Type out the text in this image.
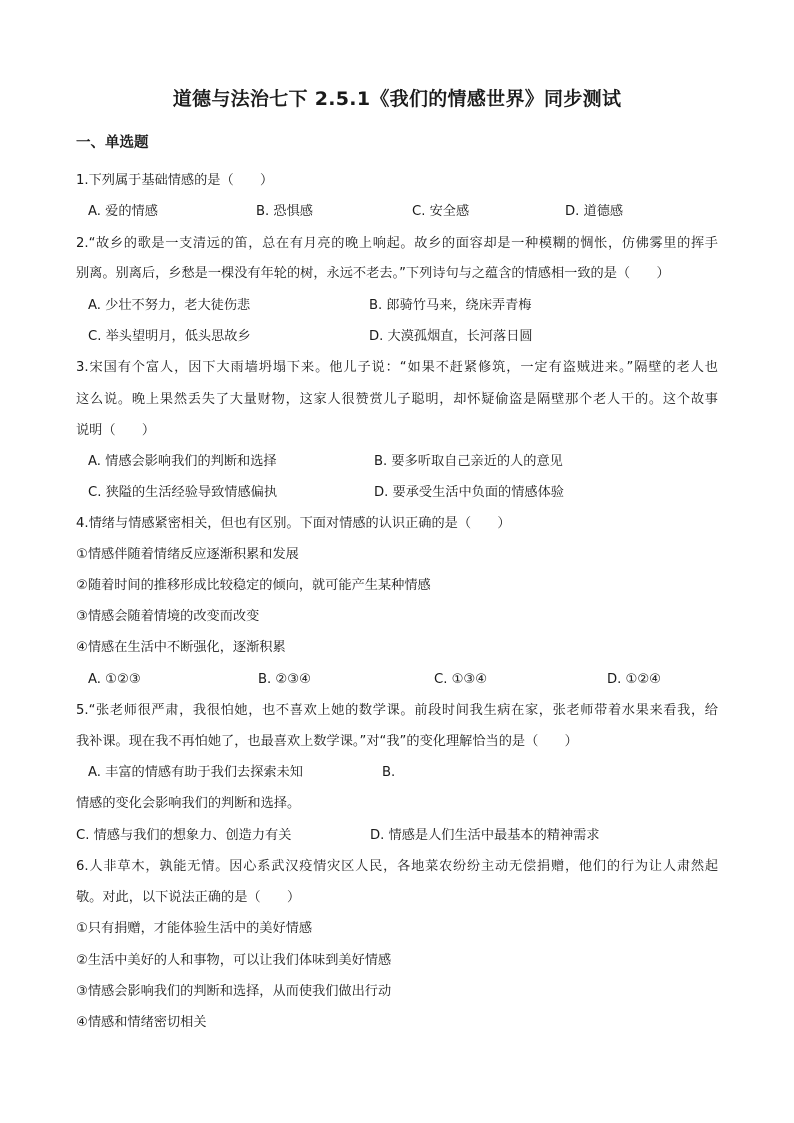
道德与法治七下 2.5.1《我们的情感世界》同步测试
一、单选题
1.下列属于基础情感的是（　　）
A. 爱的情感	B. 恐惧感	C. 安全感	D. 道德感
2.“故乡的歌是一支清远的笛，总在有月亮的晚上响起。故乡的面容却是一种模糊的惆怅，仿佛雾里的挥手
别离。别离后，乡愁是一棵没有年轮的树，永远不老去。”下列诗句与之蕴含的情感相一致的是（　　）
A. 少壮不努力，老大徒伤悲	B. 郎骑竹马来，绕床弄青梅
C. 举头望明月，低头思故乡	D. 大漠孤烟直，长河落日圆
3.宋国有个富人，因下大雨墙坍塌下来。他儿子说：“如果不赶紧修筑，一定有盗贼进来。”隔壁的老人也
这么说。晚上果然丢失了大量财物，这家人很赞赏儿子聪明，却怀疑偷盗是隔壁那个老人干的。这个故事
说明（　　）
A. 情感会影响我们的判断和选择	B. 要多听取自己亲近的人的意见
C. 狭隘的生活经验导致情感偏执	D. 要承受生活中负面的情感体验
4.情绪与情感紧密相关，但也有区别。下面对情感的认识正确的是（　　）
①情感伴随着情绪反应逐渐积累和发展
②随着时间的推移形成比较稳定的倾向，就可能产生某种情感
③情感会随着情境的改变而改变
④情感在生活中不断强化，逐渐积累
A. ①②③	B. ②③④	C. ①③④	D. ①②④
5.“张老师很严肃，我很怕她，也不喜欢上她的数学课。前段时间我生病在家，张老师带着水果来看我，给
我补课。现在我不再怕她了，也最喜欢上数学课。”对“我”的变化理解恰当的是（　　）
A. 丰富的情感有助于我们去探索未知	B.
情感的变化会影响我们的判断和选择。
C. 情感与我们的想象力、创造力有关	D. 情感是人们生活中最基本的精神需求
6.人非草木，孰能无情。因心系武汉疫情灾区人民，各地菜农纷纷主动无偿捐赠，他们的行为让人肃然起
敬。对此，以下说法正确的是（　　）
①只有捐赠，才能体验生活中的美好情感
②生活中美好的人和事物，可以让我们体味到美好情感
③情感会影响我们的判断和选择，从而使我们做出行动
④情感和情绪密切相关
